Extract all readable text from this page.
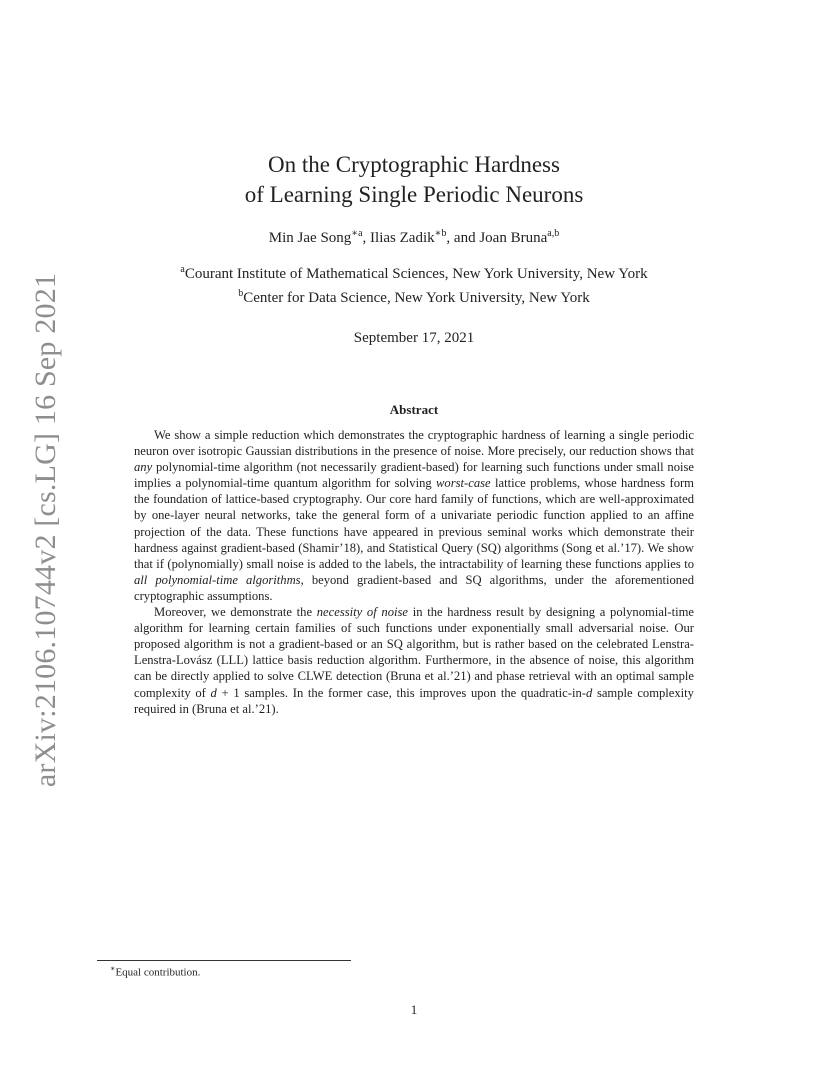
arXiv:2106.10744v2 [cs.LG] 16 Sep 2021
On the Cryptographic Hardness
of Learning Single Periodic Neurons
Min Jae Song$^{∗a}$, Ilias Zadik$^{∗b}$, and Joan Bruna$^{a,b}$
$^a$Courant Institute of Mathematical Sciences, New York University, New York
$^b$Center for Data Science, New York University, New York
September 17, 2021
Abstract

We show a simple reduction which demonstrates the cryptographic hardness of learning a single periodic neuron over isotropic Gaussian distributions in the presence of noise. More precisely, our reduction shows that any polynomial-time algorithm (not necessarily gradient-based) for learning such functions under small noise implies a polynomial-time quantum algorithm for solving worst-case lattice problems, whose hardness form the foundation of lattice-based cryptography. Our core hard family of functions, which are well-approximated by one-layer neural networks, take the general form of a univariate periodic function applied to an affine projection of the data. These functions have appeared in previous seminal works which demonstrate their hardness against gradient-based (Shamir’18), and Statistical Query (SQ) algorithms (Song et al.’17). We show that if (polynomially) small noise is added to the labels, the intractability of learning these functions applies to all polynomial-time algorithms, beyond gradient-based and SQ algorithms, under the aforementioned cryptographic assumptions.

Moreover, we demonstrate the necessity of noise in the hardness result by designing a polynomial-time algorithm for learning certain families of such functions under exponentially small adversarial noise. Our proposed algorithm is not a gradient-based or an SQ algorithm, but is rather based on the celebrated Lenstra-Lenstra-Lovász (LLL) lattice basis reduction algorithm. Furthermore, in the absence of noise, this algorithm can be directly applied to solve CLWE detection (Bruna et al.’21) and phase retrieval with an optimal sample complexity of d + 1 samples. In the former case, this improves upon the quadratic-in-d sample complexity required in (Bruna et al.’21).

∗Equal contribution.
1
